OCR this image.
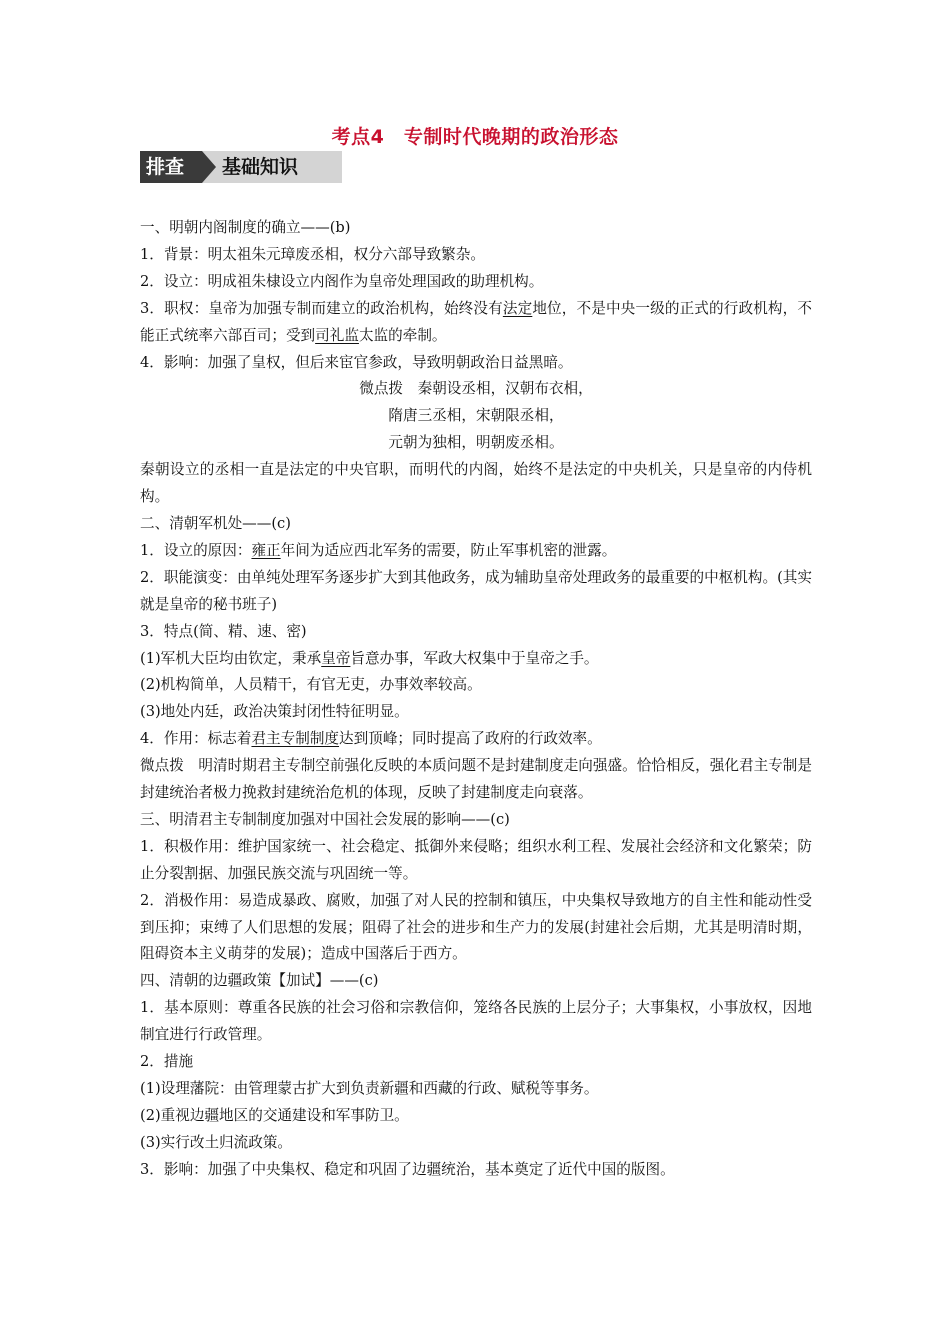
考点4　专制时代晚期的政治形态
排查	基础知识

一、明朝内阁制度的确立——(b)

1．背景：明太祖朱元璋废丞相，权分六部导致繁杂。

2．设立：明成祖朱棣设立内阁作为皇帝处理国政的助理机构。

3．职权：皇帝为加强专制而建立的政治机构，始终没有法定地位，不是中央一级的正式的行政机构，不能正式统率六部百司；受到司礼监太监的牵制。

4．影响：加强了皇权，但后来宦官参政，导致明朝政治日益黑暗。

微点拨　秦朝设丞相，汉朝布衣相，

隋唐三丞相，宋朝限丞相，

元朝为独相，明朝废丞相。

秦朝设立的丞相一直是法定的中央官职，而明代的内阁，始终不是法定的中央机关，只是皇帝的内侍机构。

二、清朝军机处——(c)

1．设立的原因：雍正年间为适应西北军务的需要，防止军事机密的泄露。

2．职能演变：由单纯处理军务逐步扩大到其他政务，成为辅助皇帝处理政务的最重要的中枢机构。(其实就是皇帝的秘书班子)

3．特点(简、精、速、密)

(1)军机大臣均由钦定，秉承皇帝旨意办事，军政大权集中于皇帝之手。

(2)机构简单，人员精干，有官无吏，办事效率较高。

(3)地处内廷，政治决策封闭性特征明显。

4．作用：标志着君主专制制度达到顶峰；同时提高了政府的行政效率。

微点拨　明清时期君主专制空前强化反映的本质问题不是封建制度走向强盛。恰恰相反，强化君主专制是封建统治者极力挽救封建统治危机的体现，反映了封建制度走向衰落。

三、明清君主专制制度加强对中国社会发展的影响——(c)

1．积极作用：维护国家统一、社会稳定、抵御外来侵略；组织水利工程、发展社会经济和文化繁荣；防止分裂割据、加强民族交流与巩固统一等。

2．消极作用：易造成暴政、腐败，加强了对人民的控制和镇压，中央集权导致地方的自主性和能动性受到压抑；束缚了人们思想的发展；阻碍了社会的进步和生产力的发展(封建社会后期，尤其是明清时期，阻碍资本主义萌芽的发展)；造成中国落后于西方。

四、清朝的边疆政策【加试】——(c)

1．基本原则：尊重各民族的社会习俗和宗教信仰，笼络各民族的上层分子；大事集权，小事放权，因地制宜进行行政管理。

2．措施

(1)设理藩院：由管理蒙古扩大到负责新疆和西藏的行政、赋税等事务。

(2)重视边疆地区的交通建设和军事防卫。

(3)实行改土归流政策。

3．影响：加强了中央集权、稳定和巩固了边疆统治，基本奠定了近代中国的版图。
